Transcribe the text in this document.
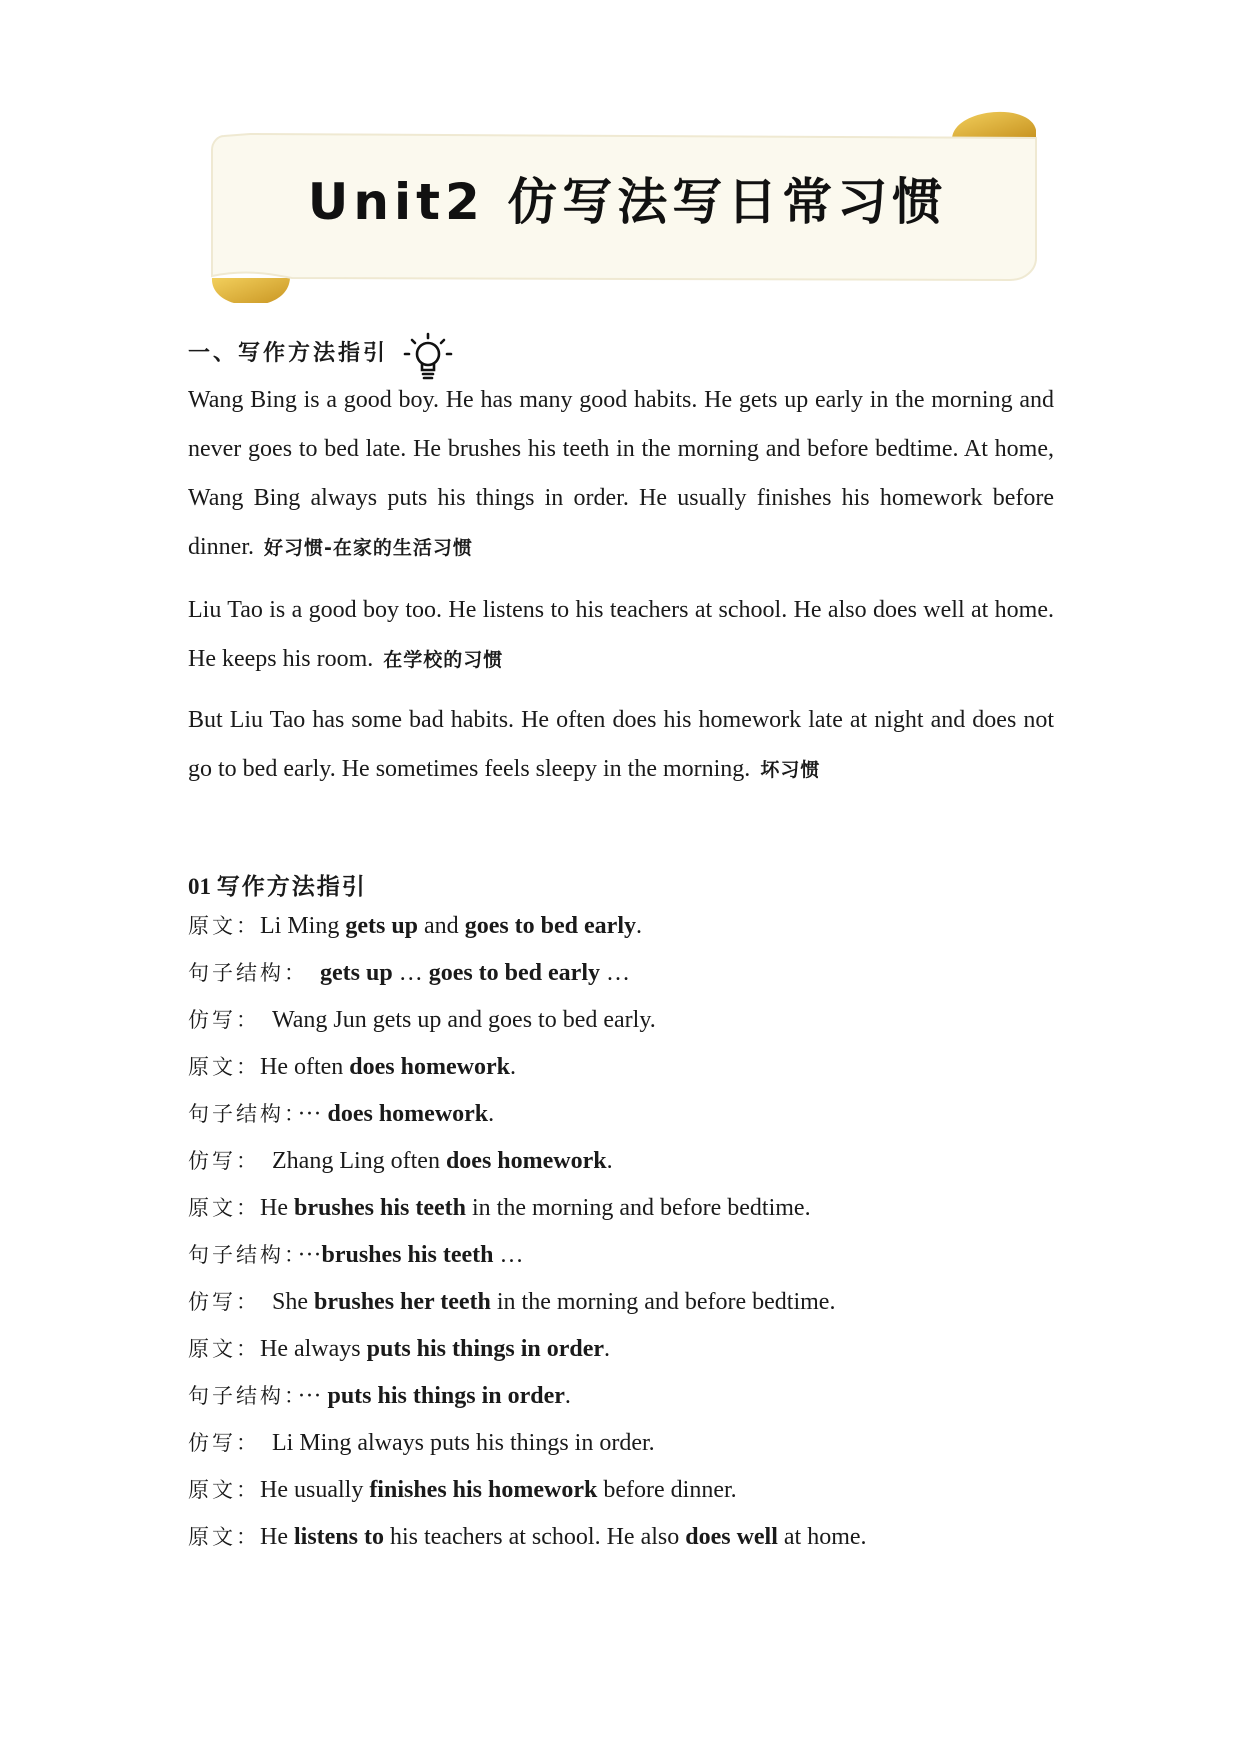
Unit2 仿写法写日常习惯
一、写作方法指引
Wang Bing is a good boy. He has many good habits. He gets up early in the morning and never goes to bed late. He brushes his teeth in the morning and before bedtime. At home, Wang Bing always puts his things in order. He usually finishes his homework before dinner. 好习惯-在家的生活习惯
Liu Tao is a good boy too. He listens to his teachers at school. He also does well at home. He keeps his room. 在学校的习惯
But Liu Tao has some bad habits. He often does his homework late at night and does not go to bed early. He sometimes feels sleepy in the morning. 坏习惯
01 写作方法指引
原文：Li Ming gets up and goes to bed early.
句子结构： gets up … goes to bed early …
仿写： Wang Jun gets up and goes to bed early.
原文：He often does homework.
句子结构：··· does homework.
仿写： Zhang Ling often does homework.
原文：He brushes his teeth in the morning and before bedtime.
句子结构：···brushes his teeth …
仿写： She brushes her teeth in the morning and before bedtime.
原文：He always puts his things in order.
句子结构：··· puts his things in order.
仿写： Li Ming always puts his things in order.
原文：He usually finishes his homework before dinner.
原文：He listens to his teachers at school. He also does well at home.
